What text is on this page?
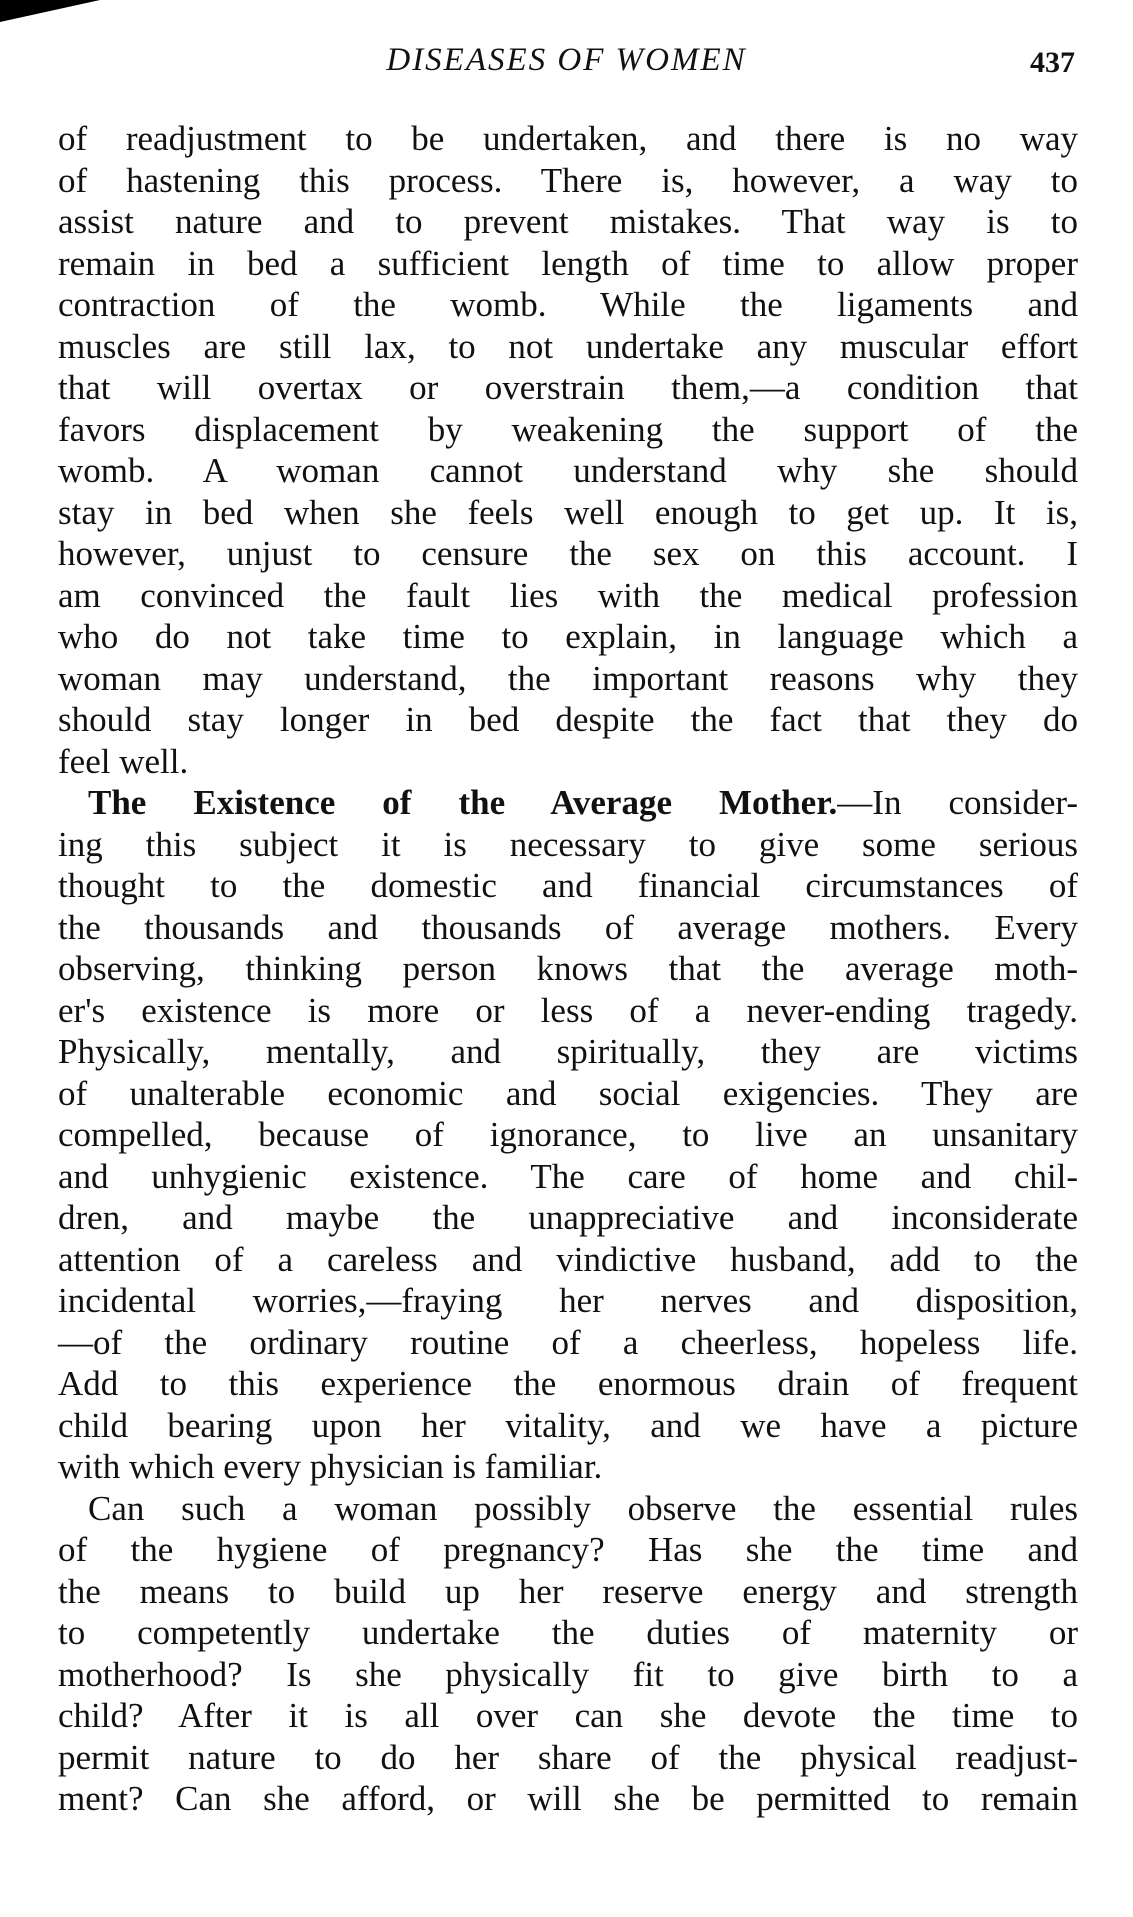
DISEASES OF WOMEN	437
of readjustment to be undertaken, and there is no way
of hastening this process. There is, however, a way to
assist nature and to prevent mistakes. That way is to
remain in bed a sufficient length of time to allow proper
contraction of the womb. While the ligaments and
muscles are still lax, to not undertake any muscular effort
that will overtax or overstrain them,—a condition that
favors displacement by weakening the support of the
womb. A woman cannot understand why she should
stay in bed when she feels well enough to get up. It is,
however, unjust to censure the sex on this account. I
am convinced the fault lies with the medical profession
who do not take time to explain, in language which a
woman may understand, the important reasons why they
should stay longer in bed despite the fact that they do
feel well.
The Existence of the Average Mother.—In consider-
ing this subject it is necessary to give some serious
thought to the domestic and financial circumstances of
the thousands and thousands of average mothers. Every
observing, thinking person knows that the average moth-
er's existence is more or less of a never-ending tragedy.
Physically, mentally, and spiritually, they are victims
of unalterable economic and social exigencies. They are
compelled, because of ignorance, to live an unsanitary
and unhygienic existence. The care of home and chil-
dren, and maybe the unappreciative and inconsiderate
attention of a careless and vindictive husband, add to the
incidental worries,—fraying her nerves and disposition,
—of the ordinary routine of a cheerless, hopeless life.
Add to this experience the enormous drain of frequent
child bearing upon her vitality, and we have a picture
with which every physician is familiar.
Can such a woman possibly observe the essential rules
of the hygiene of pregnancy? Has she the time and
the means to build up her reserve energy and strength
to competently undertake the duties of maternity or
motherhood? Is she physically fit to give birth to a
child? After it is all over can she devote the time to
permit nature to do her share of the physical readjust-
ment? Can she afford, or will she be permitted to remain
